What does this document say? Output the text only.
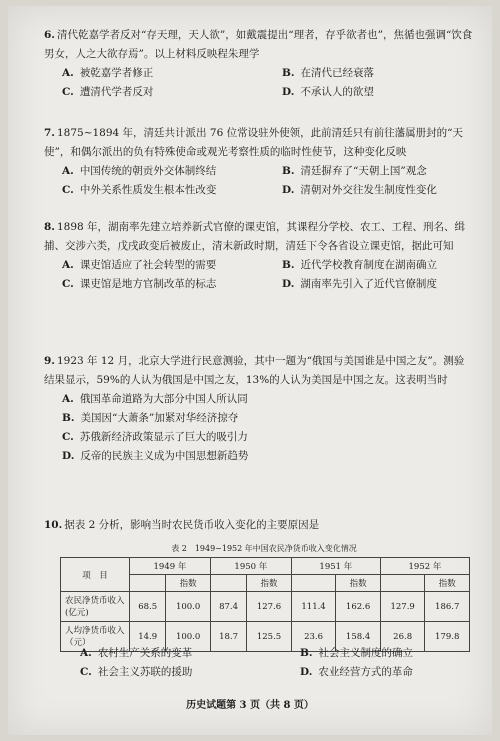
6. 清代乾嘉学者反对“存天理，天人欲”，如戴震提出“理者，存乎欲者也”，焦循也强调“饮食男女，人之大欲存焉”。以上材料反映程朱理学
A. 被乾嘉学者修正	B. 在清代已经衰落
C. 遭清代学者反对	D. 不承认人的欲望
7. 1875~1894 年，清廷共计派出 76 位常设驻外使领，此前清廷只有前往藩属册封的“天使”，和偶尔派出的负有特殊使命或观光考察性质的临时性使节，这种变化反映
A. 中国传统的朝贡外交体制终结	B. 清廷摒弃了“天朝上国”观念
C. 中外关系性质发生根本性改变	D. 清朝对外交往发生制度性变化
8. 1898 年，湖南率先建立培养新式官僚的课吏馆，其课程分学校、农工、工程、刑名、缉捕、交涉六类，戊戌政变后被废止，清末新政时期，清廷下令各省设立课吏馆，据此可知
A. 课吏馆适应了社会转型的需要	B. 近代学校教育制度在湖南确立
C. 课吏馆是地方官制改革的标志	D. 湖南率先引入了近代官僚制度
9. 1923 年 12 月，北京大学进行民意测验，其中一题为“俄国与美国谁是中国之友”。测验结果显示，59%的人认为俄国是中国之友，13%的人认为美国是中国之友。这表明当时
A. 俄国革命道路为大部分中国人所认同
B. 美国因“大萧条”加紧对华经济掠夺
C. 苏俄新经济政策显示了巨大的吸引力
D. 反帝的民族主义成为中国思想新趋势
10. 据表 2 分析，影响当时农民货币收入变化的主要原因是
表 2　1949~1952 年中国农民净货币收入变化情况
项　目	1949 年		1950 年		1951 年		1952 年	
		指数		指数		指数		指数
农民净货币收入(亿元)	68.5	100.0	87.4	127.6	111.4	162.6	127.9	186.7
人均净货币收入（元）	14.9	100.0	18.7	125.5	23.6	158.4	26.8	179.8
A. 农村生产关系的变革	B. 社会主义制度的确立
C. 社会主义苏联的援助	D. 农业经营方式的革命
历史试题第 3 页（共 8 页）
